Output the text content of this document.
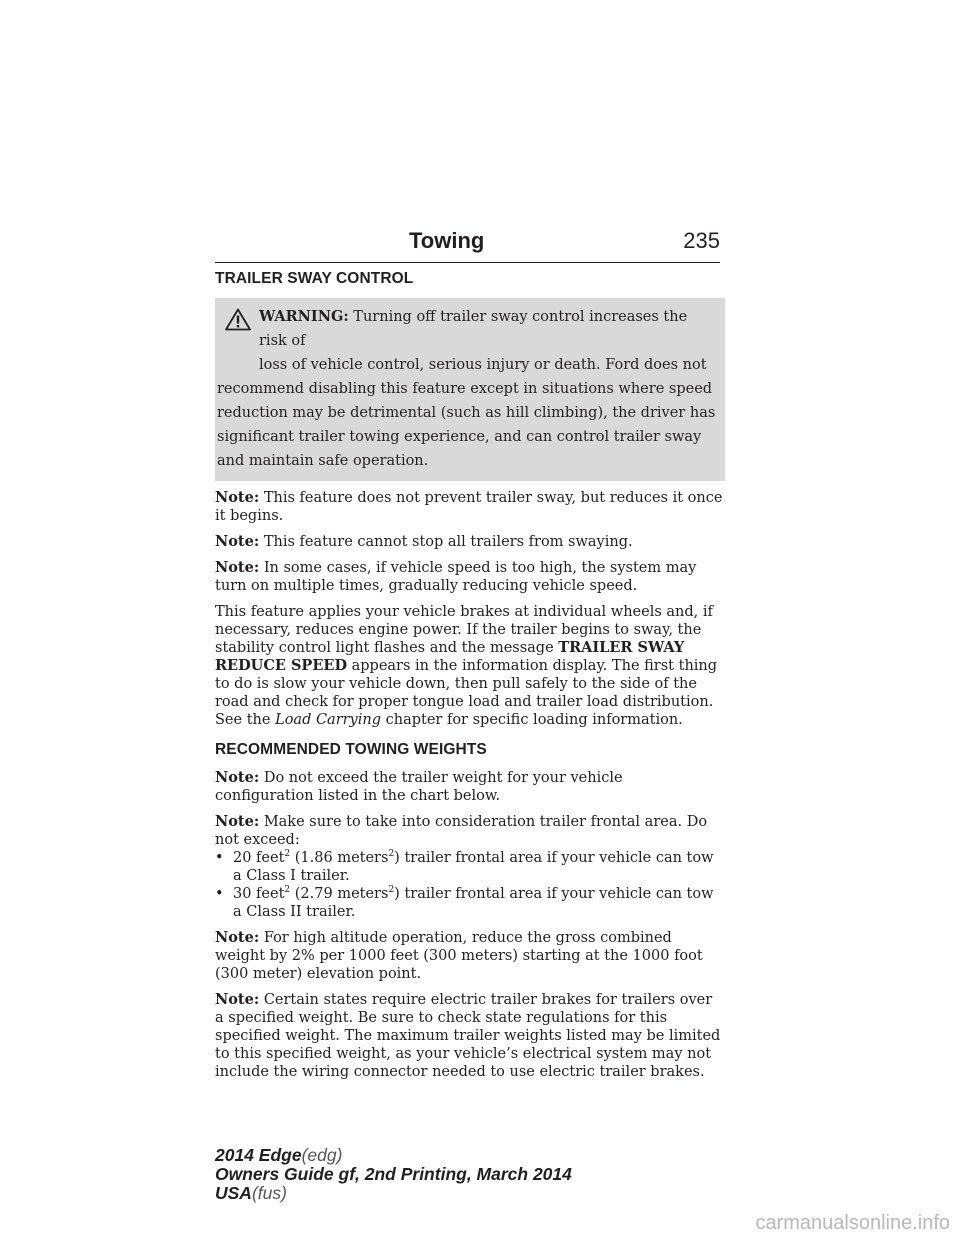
Towing	235
TRAILER SWAY CONTROL

WARNING: Turning off trailer sway control increases the risk of
loss of vehicle control, serious injury or death. Ford does not

recommend disabling this feature except in situations where speed reduction may be detrimental (such as hill climbing), the driver has significant trailer towing experience, and can control trailer sway and maintain safe operation.

Note: This feature does not prevent trailer sway, but reduces it once it begins.

Note: This feature cannot stop all trailers from swaying.

Note: In some cases, if vehicle speed is too high, the system may turn on multiple times, gradually reducing vehicle speed.

This feature applies your vehicle brakes at individual wheels and, if necessary, reduces engine power. If the trailer begins to sway, the stability control light flashes and the message TRAILER SWAY REDUCE SPEED appears in the information display. The first thing to do is slow your vehicle down, then pull safely to the side of the road and check for proper tongue load and trailer load distribution. See the Load Carrying chapter for specific loading information.

RECOMMENDED TOWING WEIGHTS

Note: Do not exceed the trailer weight for your vehicle configuration listed in the chart below.

Note: Make sure to take into consideration trailer frontal area. Do not exceed:

• 20 feet$^2$ (1.86 meters$^2$) trailer frontal area if your vehicle can tow a Class I trailer.
• 30 feet$^2$ (2.79 meters$^2$) trailer frontal area if your vehicle can tow a Class II trailer.

Note: For high altitude operation, reduce the gross combined weight by 2% per 1000 feet (300 meters) starting at the 1000 foot (300 meter) elevation point.

Note: Certain states require electric trailer brakes for trailers over a specified weight. Be sure to check state regulations for this specified weight. The maximum trailer weights listed may be limited to this specified weight, as your vehicle’s electrical system may not include the wiring connector needed to use electric trailer brakes.

2014 Edge(edg)
Owners Guide gf, 2nd Printing, March 2014
USA(fus)
carmanualsonline.info
